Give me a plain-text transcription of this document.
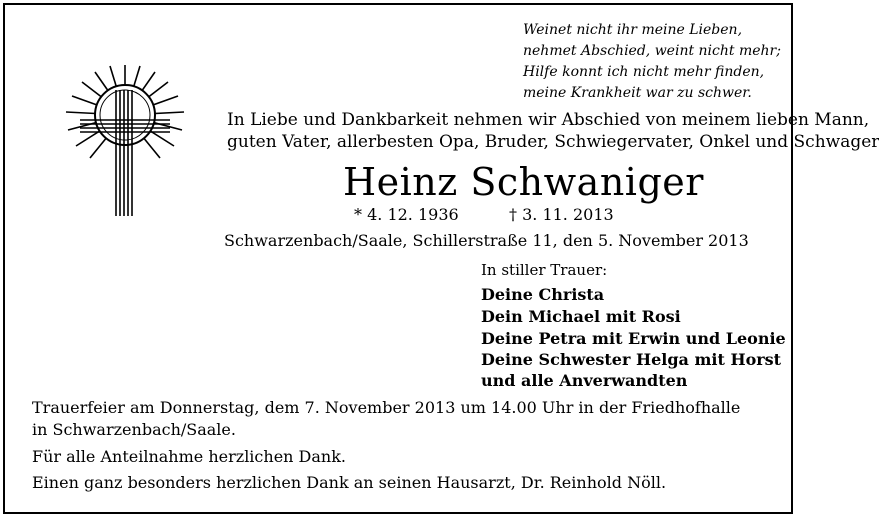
Weinet nicht ihr meine Lieben,
nehmet Abschied, weint nicht mehr;
Hilfe konnt ich nicht mehr finden,
meine Krankheit war zu schwer.
In Liebe und Dankbarkeit nehmen wir Abschied von meinem lieben Mann,
guten Vater, allerbesten Opa, Bruder, Schwiegervater, Onkel und Schwager
Heinz Schwaniger
* 4. 12. 1936	† 3. 11. 2013
Schwarzenbach/Saale, Schillerstraße 11, den 5. November 2013
In stiller Trauer:
Deine Christa
Dein Michael mit Rosi
Deine Petra mit Erwin und Leonie
Deine Schwester Helga mit Horst
und alle Anverwandten
Trauerfeier am Donnerstag, dem 7. November 2013 um 14.00 Uhr in der Friedhofhalle
in Schwarzenbach/Saale.
Für alle Anteilnahme herzlichen Dank.
Einen ganz besonders herzlichen Dank an seinen Hausarzt, Dr. Reinhold Nöll.
